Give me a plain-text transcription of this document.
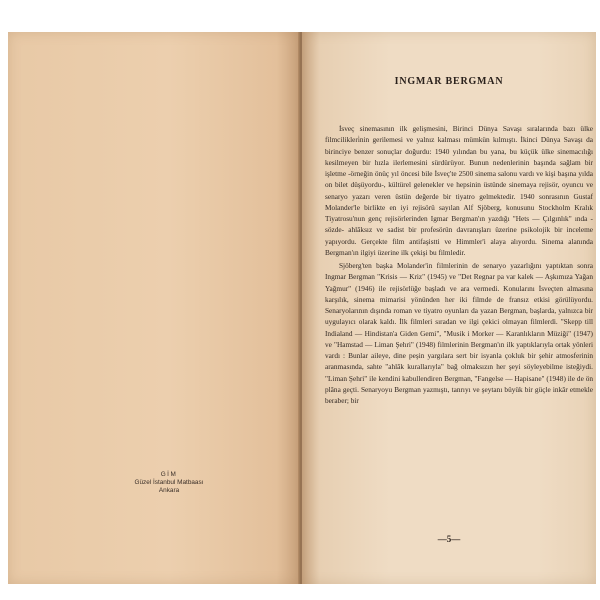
GİM
Güzel İstanbul Matbaası
Ankara
INGMAR BERGMAN

İsveç sinemasının ilk gelişmesini, Birinci Dünya Savaşı sıralarında bazı ülke filmcilikleri̇nin gerilemesi ve yalnız kalması mümkün kılmıştı. İkinci Dünya Savaşı da birinciye benzer sonuçlar doğurdu: 1940 yılından bu yana, bu küçük ülke sinemacılığı kesilmeyen bir hızla ilerlemesini sürdürüyor. Bunun nedenlerinin başında sağlam bir işletme -örneğin önüç yıl öncesi bile İsveç'te 2500 sinema salonu vardı ve kişi başına yılda on bilet düşüyordu-, kültürel gelenekler ve hepsinin üstünde sinemaya rejisör, oyuncu ve senaryo yazarı veren üstün değerde bir tiyatro gelmektedir. 1940 sonrasının Gustaf Molander'le birlikte en iyi rejisörü sayılan Alf Sjöberg, konusunu Stockholm Kralık Tiyatrosu'nun genç rejisörlerinden Igmar Bergman'ın yazdığı "Hets — Çılgınlık" ında -sözde- ahlâksız ve sadist bir profesörün davranışları üzerine psikolojik bir inceleme yapıyordu. Gerçekte film antifaşistti ve Himmler'i alaya alıyordu. Sinema alanında Bergman'ın ilgiyi üzerine ilk çekişi bu filmledir.

Sjöberg'ten başka Molander'in filmlerinin de senaryo yazarlığını yaptıktan sonra Ingmar Bergman "Krisis — Kriz" (1945) ve "Det Regnar pa var kalek — Aşkımıza Yağan Yağmur" (1946) ile rejisörlüğe başladı ve ara vermedi. Konularını İsveçten almasına karşılık, sinema mimarisi yönünden her iki filmde de fransız etkisi görülüyordu. Senaryolarının dışında roman ve tiyatro oyunları da yazan Bergman, başlarda, yalnızca bir uygulayıcı olarak kaldı. İlk filmleri sıradan ve ilgi çekici olmayan filmlerdi. "Skepp till Indialand — Hindistan'a Giden Gemi", "Musik i Morker — Karanlıkların Müziği" (1947) ve "Hamstad — Liman Şehri" (1948) filmlerinin Bergman'ın ilk yaptıklarıyla ortak yönleri vardı : Bunlar aileye, dine peşin yargılara sert bir isyanla çokluk bir şehir atmosferinin aranmasında, sahte "ahlâk kurallarıyla" bağ olmaksızın her şeyi söyleyebilme isteğiydi. "Liman Şehri" ile kendini kabullendiren Bergman, "Fangelse — Hapisane" (1948) ile de ön plâna geçti. Senaryoyu Bergman yazmıştı, tanrıyı ve şeytanı büyük bir güçle inkâr etmekle beraber; bir

—5—
